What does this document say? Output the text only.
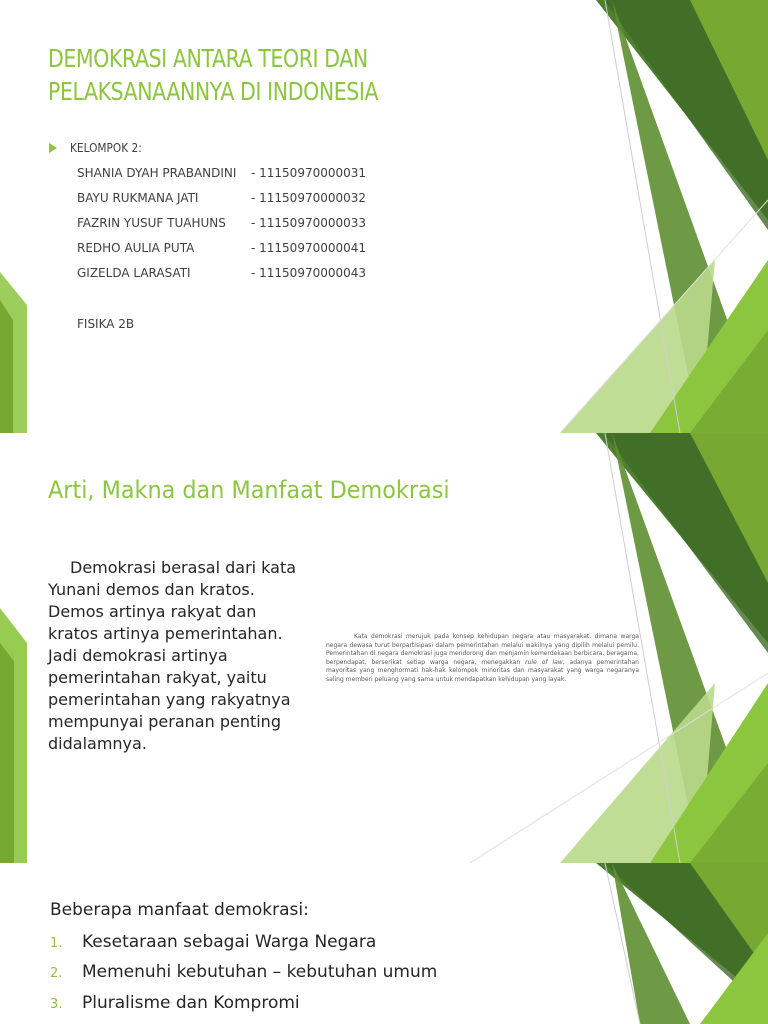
DEMOKRASI ANTARA TEORI DAN
PELAKSANAANNYA DI INDONESIA
KELOMPOK 2:
SHANIA DYAH PRABANDINI - 11150970000031
BAYU RUKMANA JATI	- 11150970000032
FAZRIN YUSUF TUAHUNS - 11150970000033
REDHO AULIA PUTA	- 11150970000041
GIZELDA LARASATI	- 11150970000043
FISIKA 2B
Arti, Makna dan Manfaat Demokrasi

Demokrasi berasal dari kata Yunani demos dan kratos. Demos artinya rakyat dan kratos artinya pemerintahan. Jadi demokrasi artinya pemerintahan rakyat, yaitu pemerintahan yang rakyatnya mempunyai peranan penting didalamnya.

Kata demokrasi merujuk pada konsep kehidupan negara atau masyarakat, dimana warga negara dewasa turut berpartisipasi dalam pemerintahan melalui wakilnya yang dipilih melalui pemilu. Pemerintahan di negara demokrasi juga mendorong dan menjamin kemerdekaan berbicara, beragama, berpendapat, berserikat setiap warga negara, menegakkan rule of law, adanya pemerintahan mayoritas yang menghormati hak-hak kelompok minoritas dan masyarakat yang warga negaranya saling memberi peluang yang sama untuk mendapatkan kehidupan yang layak.

Beberapa manfaat demokrasi:
1. Kesetaraan sebagai Warga Negara
2. Memenuhi kebutuhan – kebutuhan umum
3. Pluralisme dan Kompromi
